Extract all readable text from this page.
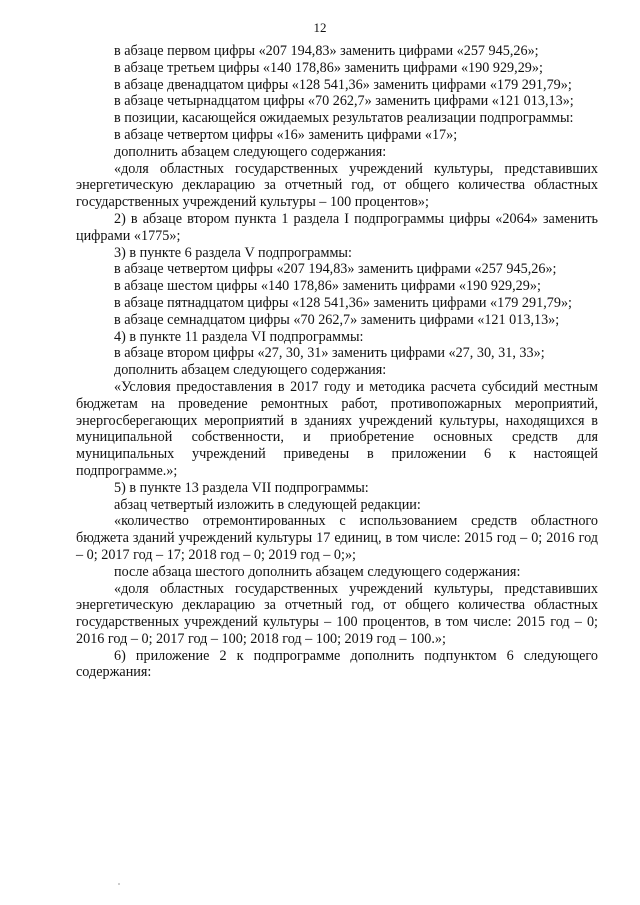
12

в абзаце первом цифры «207 194,83» заменить цифрами «257 945,26»;

в абзаце третьем цифры «140 178,86» заменить цифрами «190 929,29»;

в абзаце двенадцатом цифры «128 541,36» заменить цифрами «179 291,79»;

в абзаце четырнадцатом цифры «70 262,7» заменить цифрами «121 013,13»;

в позиции, касающейся ожидаемых результатов реализации подпрограммы:

в абзаце четвертом цифры «16» заменить цифрами «17»;

дополнить абзацем следующего содержания:

«доля областных государственных учреждений культуры, представивших энергетическую декларацию за отчетный год, от общего количества областных государственных учреждений культуры – 100 процентов»;

2) в абзаце втором пункта 1 раздела I подпрограммы цифры «2064» заменить цифрами «1775»;

3) в пункте 6 раздела V подпрограммы:

в абзаце четвертом цифры «207 194,83» заменить цифрами «257 945,26»;

в абзаце шестом цифры «140 178,86» заменить цифрами «190 929,29»;

в абзаце пятнадцатом цифры «128 541,36» заменить цифрами «179 291,79»;

в абзаце семнадцатом цифры «70 262,7» заменить цифрами «121 013,13»;

4) в пункте 11 раздела VI подпрограммы:

в абзаце втором цифры «27, 30, 31» заменить цифрами «27, 30, 31, 33»;

дополнить абзацем следующего содержания:

«Условия предоставления в 2017 году и методика расчета субсидий местным бюджетам на проведение ремонтных работ, противопожарных мероприятий, энергосберегающих мероприятий в зданиях учреждений культуры, находящихся в муниципальной собственности, и приобретение основных средств для муниципальных учреждений приведены в приложении 6 к настоящей подпрограмме.»;

5) в пункте 13 раздела VII подпрограммы:

абзац четвертый изложить в следующей редакции:

«количество отремонтированных с использованием средств областного бюджета зданий учреждений культуры 17 единиц, в том числе: 2015 год – 0; 2016 год – 0; 2017 год – 17; 2018 год – 0; 2019 год – 0;»;

после абзаца шестого дополнить абзацем следующего содержания:

«доля областных государственных учреждений культуры, представивших энергетическую декларацию за отчетный год, от общего количества областных государственных учреждений культуры – 100 процентов, в том числе: 2015 год – 0; 2016 год – 0; 2017 год – 100; 2018 год – 100; 2019 год – 100.»;

6) приложение 2 к подпрограмме дополнить подпунктом 6 следующего содержания:
